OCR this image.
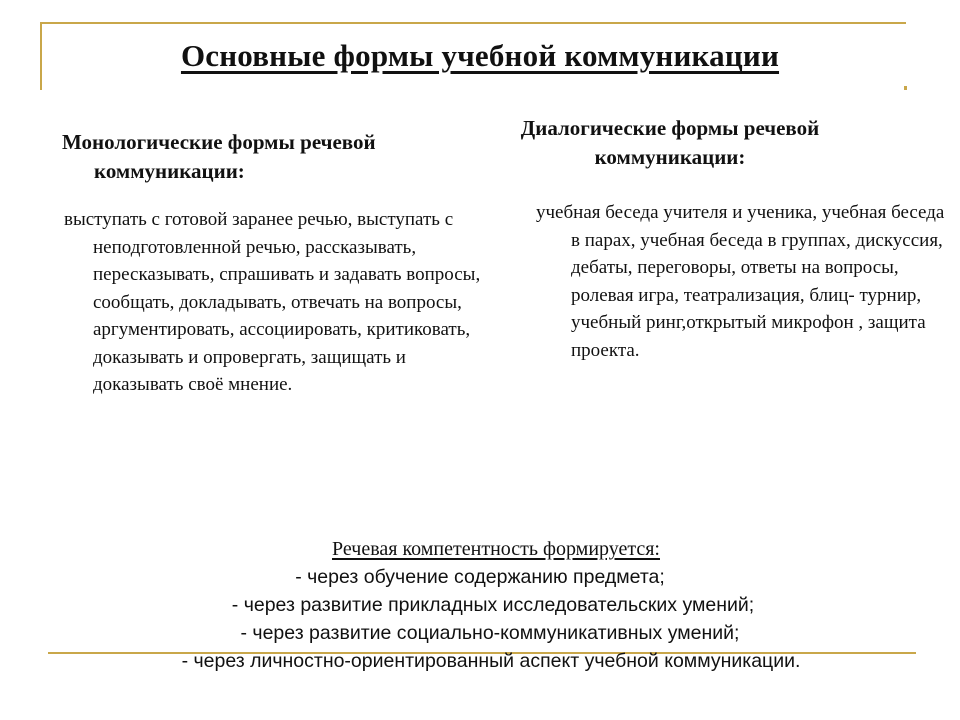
Основные формы учебной коммуникации
Монологические формы речевой коммуникации:
Диалогические формы речевой коммуникации:
выступать с готовой заранее речью, выступать с неподготовленной речью, рассказывать, пересказывать, спрашивать и задавать вопросы, сообщать, докладывать, отвечать на вопросы, аргументировать, ассоциировать, критиковать, доказывать и опровергать, защищать и доказывать своё мнение.
учебная беседа учителя и ученика, учебная беседа в парах, учебная беседа в группах, дискуссия, дебаты, переговоры, ответы на вопросы, ролевая игра, театрализация, блиц- турнир, учебный ринг,открытый микрофон , защита проекта.
Речевая компетентность формируется:
- через обучение содержанию предмета;
- через развитие прикладных исследовательских умений;
- через развитие социально-коммуникативных умений;
- через личностно-ориентированный аспект учебной коммуникации.
